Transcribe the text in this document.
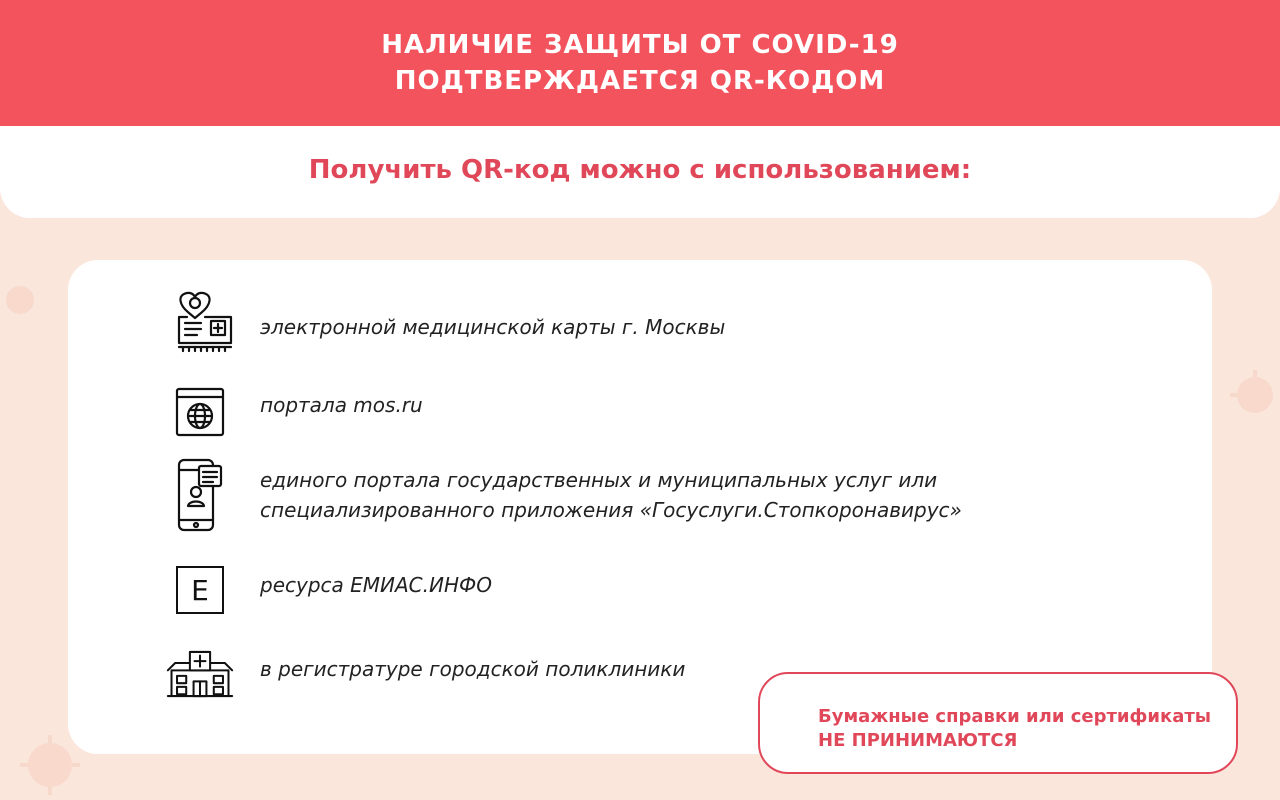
НАЛИЧИЕ ЗАЩИТЫ ОТ COVID-19
ПОДТВЕРЖДАЕТСЯ QR-КОДОМ
Получить QR-код можно с использованием:
электронной медицинской карты г. Москвы
портала mos.ru
единого портала государственных и муниципальных услуг или
специализированного приложения «Госуслуги.Стопкоронавирус»
E	ресурса ЕМИАС.ИНФО
в регистратуре городской поликлиники
Бумажные справки или сертификаты
НЕ ПРИНИМАЮТСЯ
